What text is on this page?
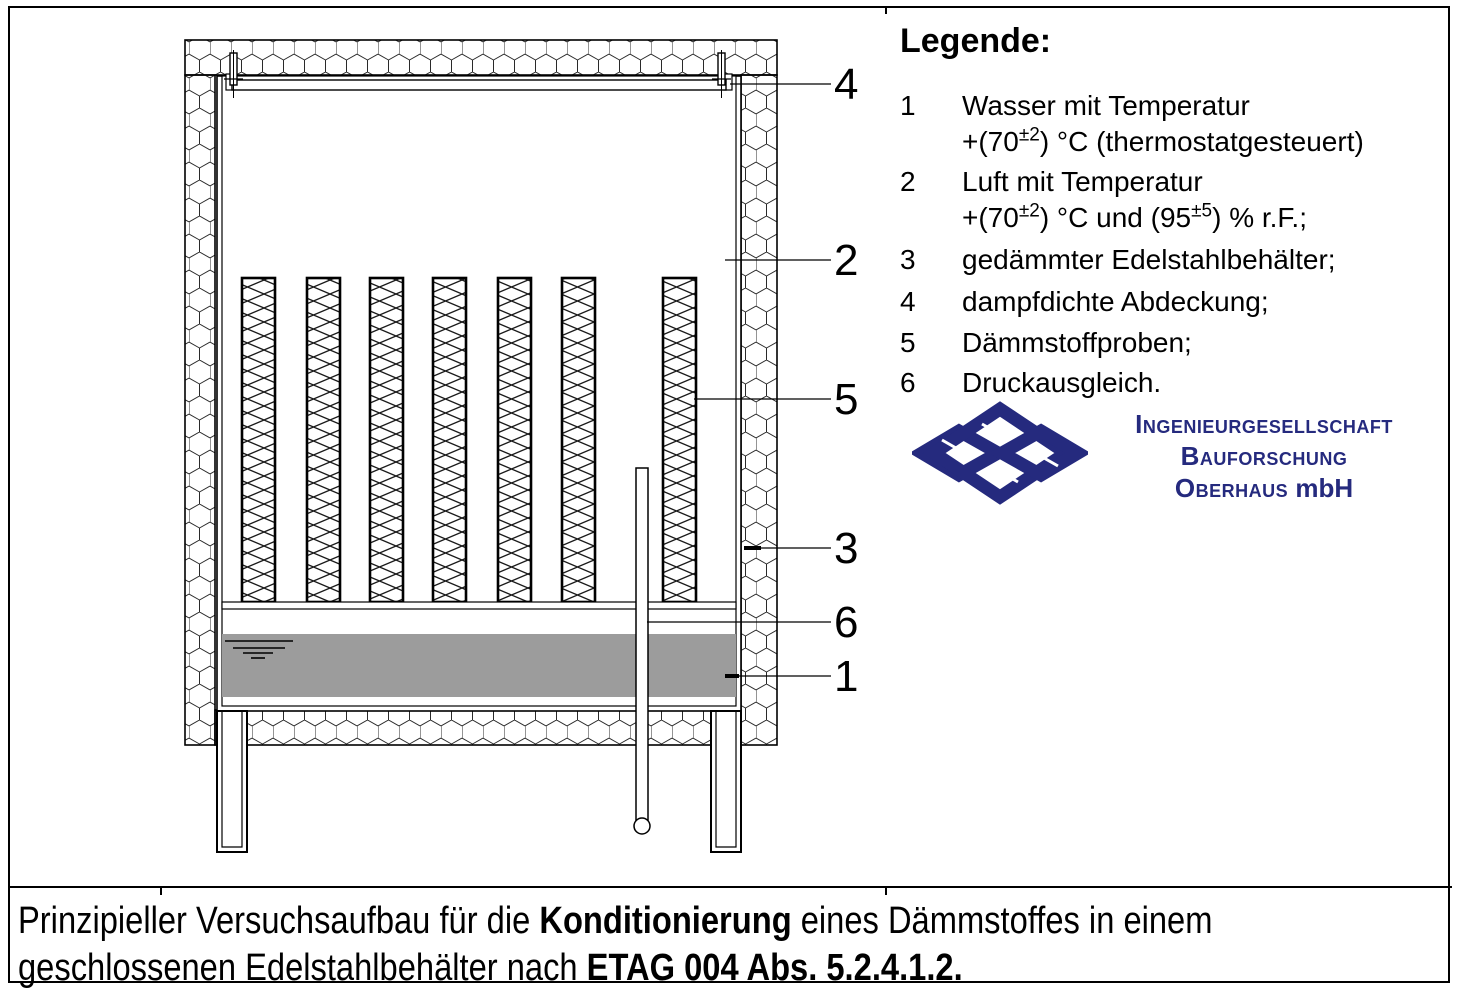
4
2
5
3
6
1
Legende:
1 Wasser mit Temperatur
$+(70^{\pm 2})$ °C (thermostatgesteuert)
2 Luft mit Temperatur
$+(70^{\pm 2})$ °C und $(95^{\pm 5})$ % r.F.;
3 gedämmter Edelstahlbehälter;
4 dampfdichte Abdeckung;
5 Dämmstoffproben;
6 Druckausgleich.
Ingenieurgesellschaft
Bauforschung
Oberhaus mbH
Prinzipieller Versuchsaufbau für die Konditionierung eines Dämmstoffes in einem
geschlossenen Edelstahlbehälter nach ETAG 004 Abs. 5.2.4.1.2.
